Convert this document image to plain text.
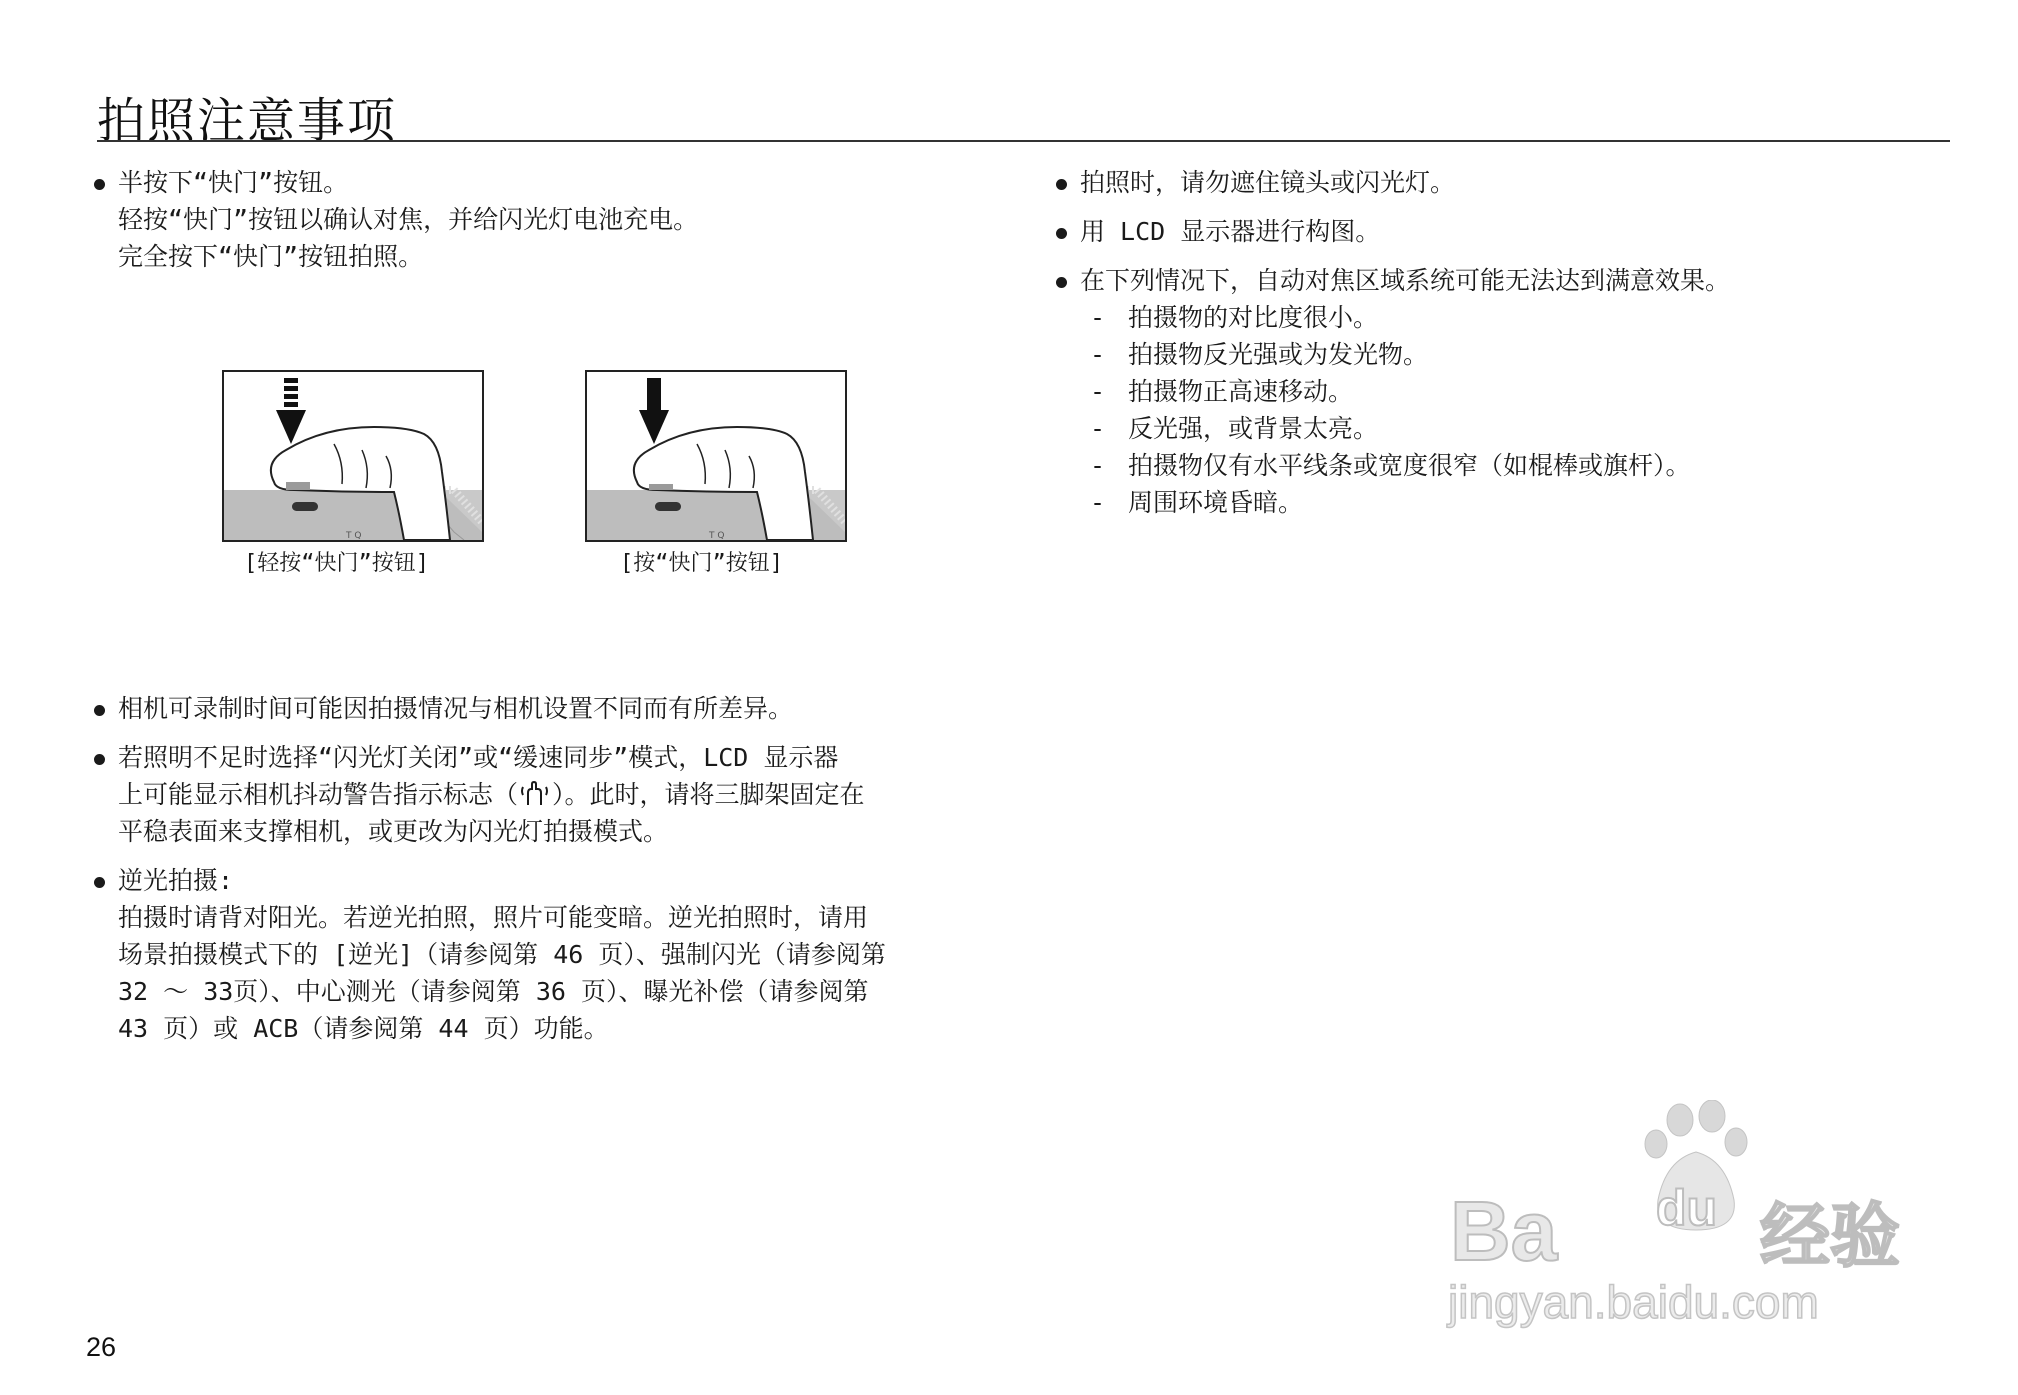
拍照注意事项
半按下“快门”按钮。
轻按“快门”按钮以确认对焦，并给闪光灯电池充电。
完全按下“快门”按钮拍照。
T Q
[轻按“快门”按钮]
T Q
[按“快门”按钮]
相机可录制时间可能因拍摄情况与相机设置不同而有所差异。
若照明不足时选择“闪光灯关闭”或“缓速同步”模式，LCD 显示器
上可能显示相机抖动警告指示标志（ ）。此时，请将三脚架固定在
平稳表面来支撑相机，或更改为闪光灯拍摄模式。
逆光拍摄:
拍摄时请背对阳光。若逆光拍照，照片可能变暗。逆光拍照时，请用
场景拍摄模式下的 [逆光]（请参阅第 46 页）、强制闪光（请参阅第
32 ～ 33页）、中心测光（请参阅第 36 页）、曝光补偿（请参阅第
43 页）或 ACB（请参阅第 44 页）功能。
拍照时，请勿遮住镜头或闪光灯。
用 LCD 显示器进行构图。
在下列情况下，自动对焦区域系统可能无法达到满意效果。
- 拍摄物的对比度很小。
- 拍摄物反光强或为发光物。
- 拍摄物正高速移动。
- 反光强，或背景太亮。
- 拍摄物仅有水平线条或宽度很窄（如棍棒或旗杆）。
- 周围环境昏暗。
Ba du 经验
jingyan.baidu.com
26
